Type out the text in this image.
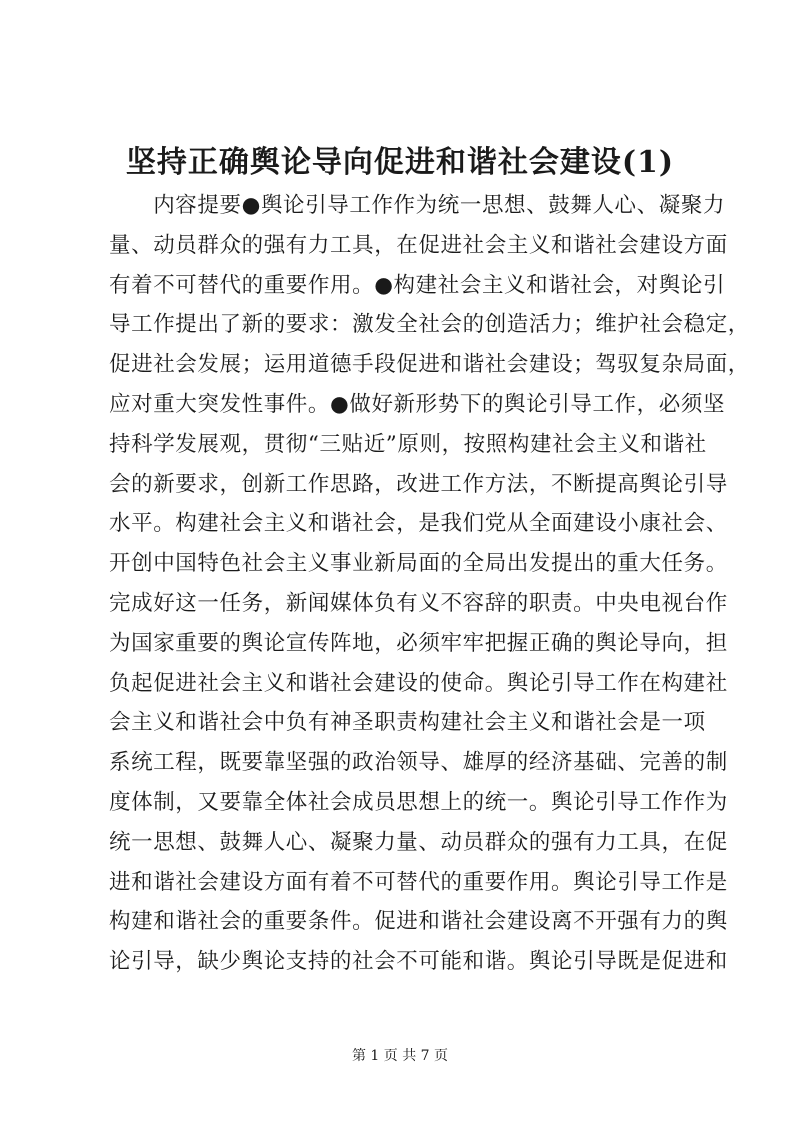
坚持正确舆论导向促进和谐社会建设(1)
　　内容提要●舆论引导工作作为统一思想、鼓舞人心、凝聚力
量、动员群众的强有力工具，在促进社会主义和谐社会建设方面
有着不可替代的重要作用。●构建社会主义和谐社会，对舆论引
导工作提出了新的要求：激发全社会的创造活力；维护社会稳定，
促进社会发展；运用道德手段促进和谐社会建设；驾驭复杂局面，
应对重大突发性事件。●做好新形势下的舆论引导工作，必须坚
持科学发展观，贯彻“三贴近”原则，按照构建社会主义和谐社
会的新要求，创新工作思路，改进工作方法，不断提高舆论引导
水平。构建社会主义和谐社会，是我们党从全面建设小康社会、
开创中国特色社会主义事业新局面的全局出发提出的重大任务。
完成好这一任务，新闻媒体负有义不容辞的职责。中央电视台作
为国家重要的舆论宣传阵地，必须牢牢把握正确的舆论导向，担
负起促进社会主义和谐社会建设的使命。舆论引导工作在构建社
会主义和谐社会中负有神圣职责构建社会主义和谐社会是一项
系统工程，既要靠坚强的政治领导、雄厚的经济基础、完善的制
度体制，又要靠全体社会成员思想上的统一。舆论引导工作作为
统一思想、鼓舞人心、凝聚力量、动员群众的强有力工具，在促
进和谐社会建设方面有着不可替代的重要作用。舆论引导工作是
构建和谐社会的重要条件。促进和谐社会建设离不开强有力的舆
论引导，缺少舆论支持的社会不可能和谐。舆论引导既是促进和
第 1 页 共 7 页
